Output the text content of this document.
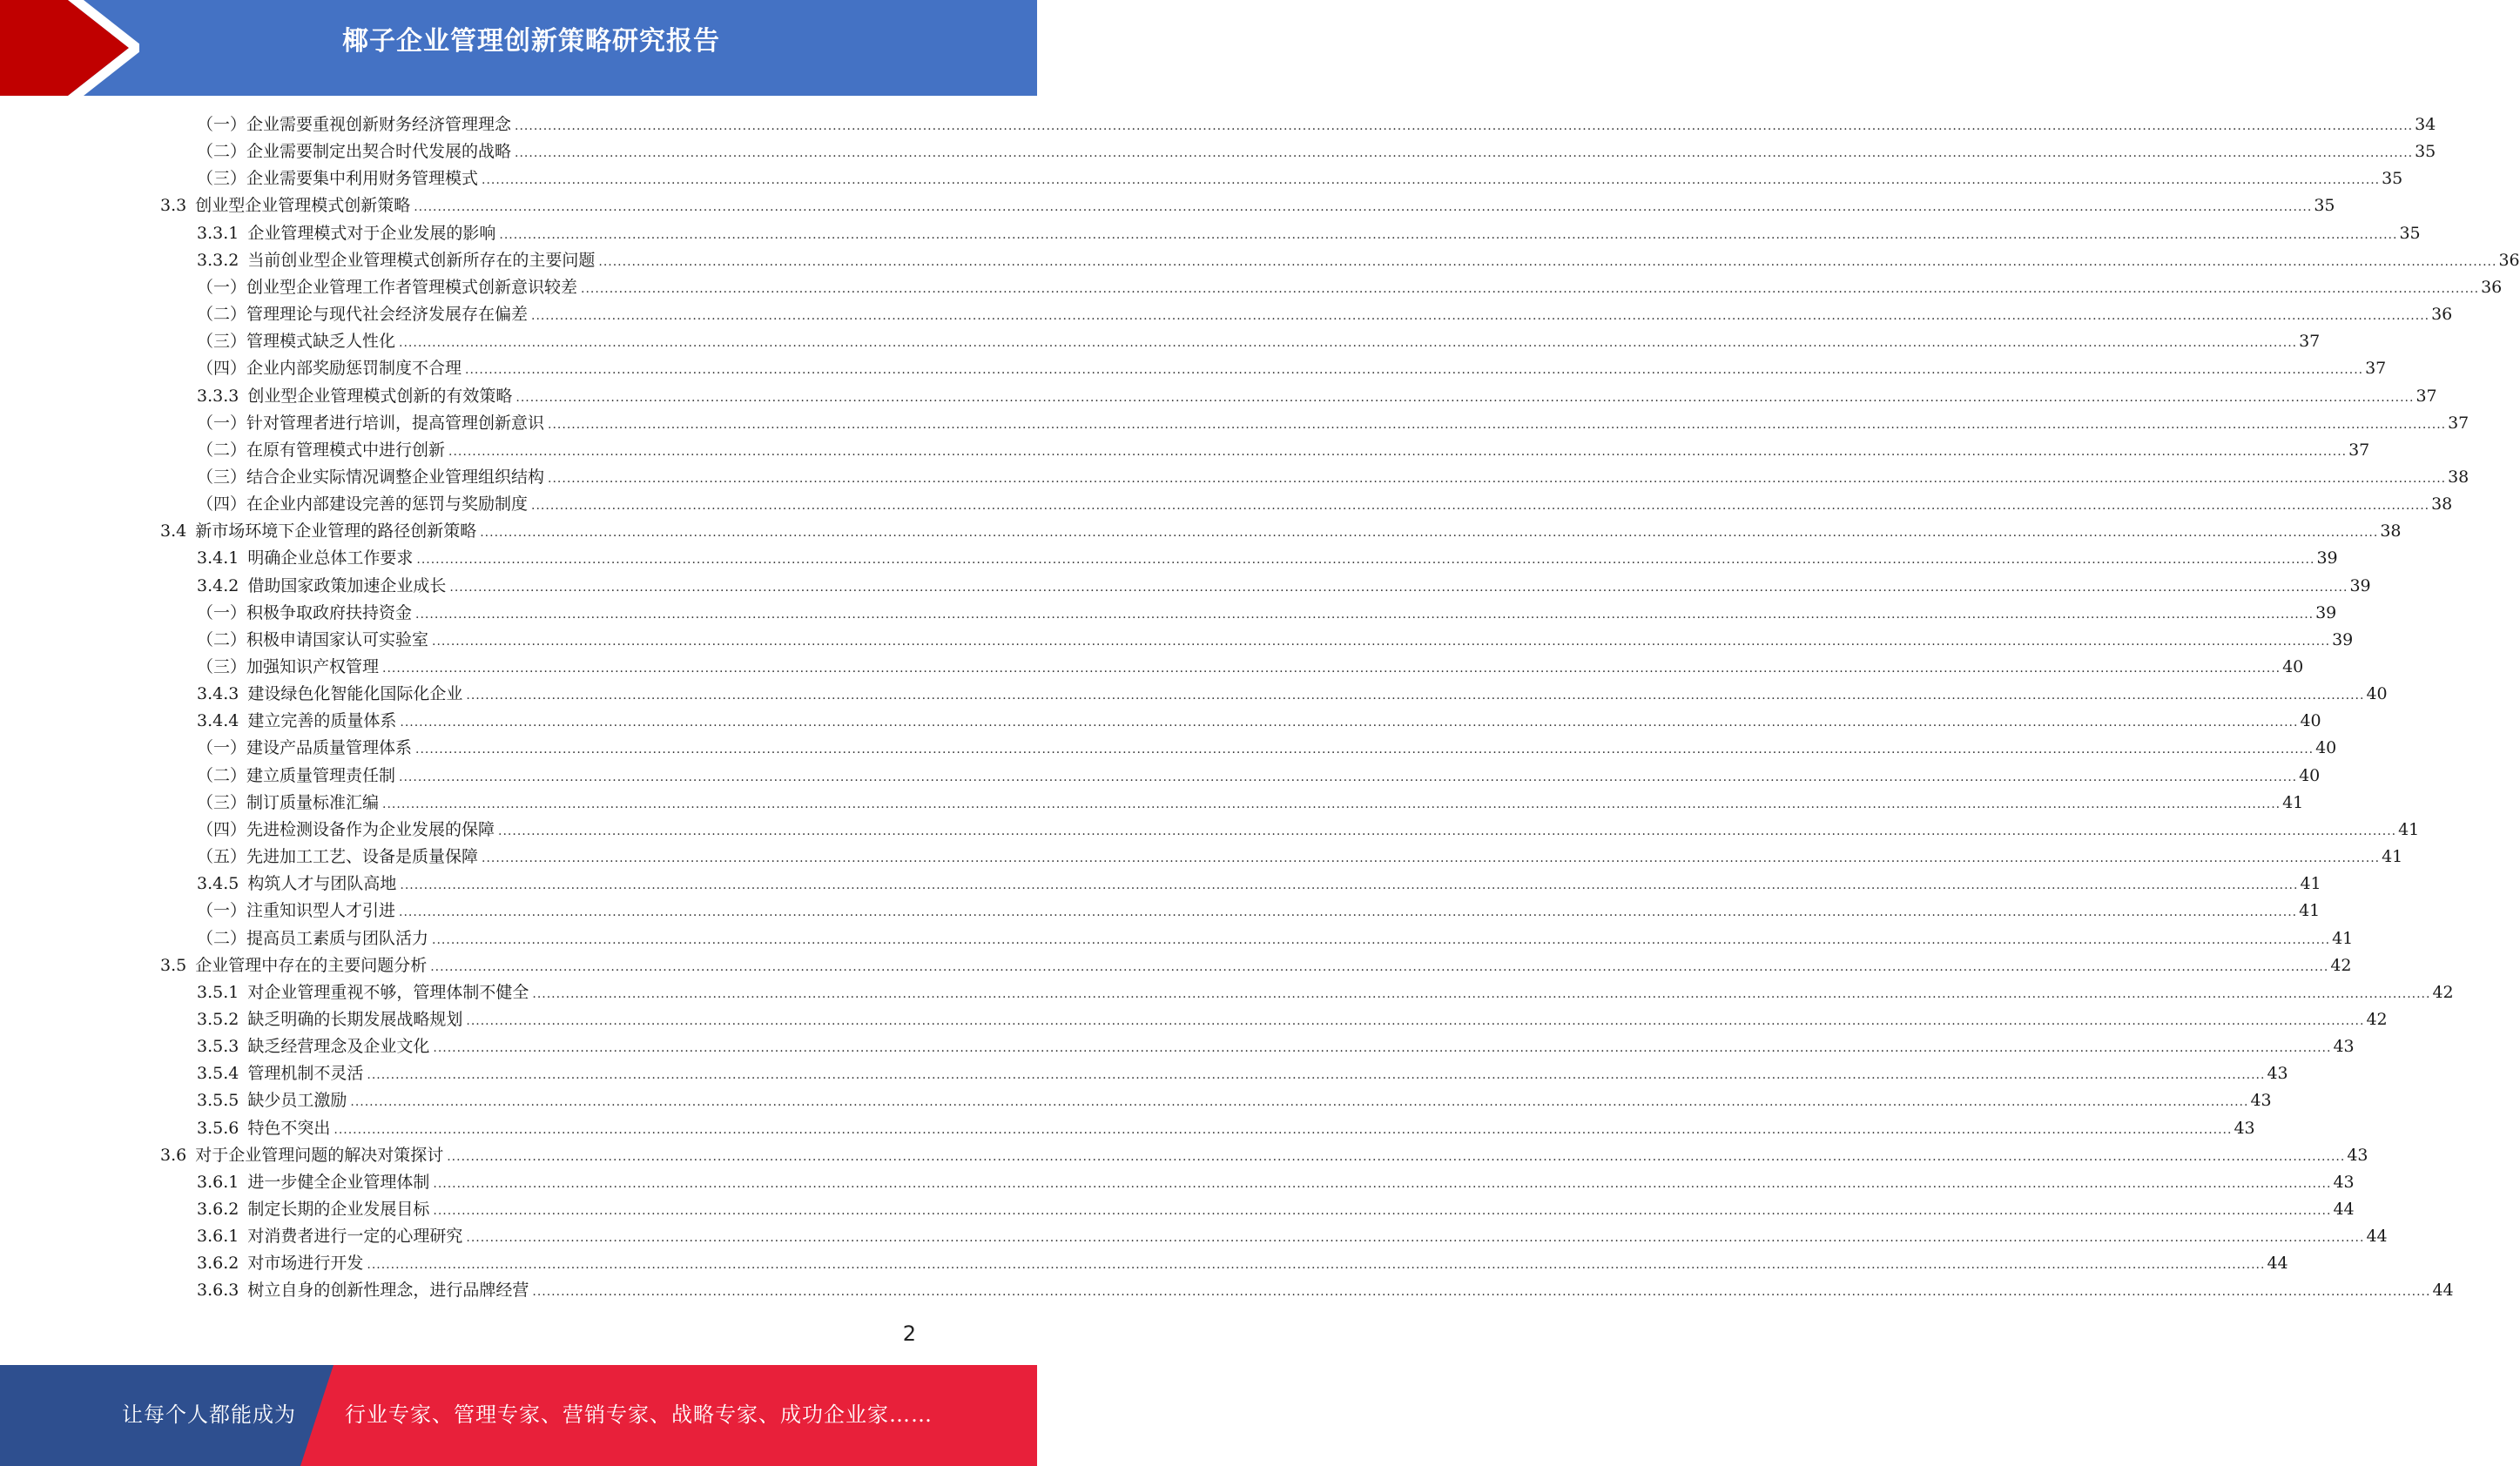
椰子企业管理创新策略研究报告
（一）企业需要重视创新财务经济管理理念 ................................................................................................................................................................................................................................................................................................................................................................................................................ 34
（二）企业需要制定出契合时代发展的战略 ................................................................................................................................................................................................................................................................................................................................................................................................................ 35
（三）企业需要集中利用财务管理模式 ................................................................................................................................................................................................................................................................................................................................................................................................................ 35
3.3 创业型企业管理模式创新策略 ................................................................................................................................................................................................................................................................................................................................................................................................................ 35
3.3.1 企业管理模式对于企业发展的影响 ................................................................................................................................................................................................................................................................................................................................................................................................................ 35
3.3.2 当前创业型企业管理模式创新所存在的主要问题 ................................................................................................................................................................................................................................................................................................................................................................................................................ 36
（一）创业型企业管理工作者管理模式创新意识较差 ................................................................................................................................................................................................................................................................................................................................................................................................................ 36
（二）管理理论与现代社会经济发展存在偏差 ................................................................................................................................................................................................................................................................................................................................................................................................................ 36
（三）管理模式缺乏人性化 ................................................................................................................................................................................................................................................................................................................................................................................................................ 37
（四）企业内部奖励惩罚制度不合理 ................................................................................................................................................................................................................................................................................................................................................................................................................ 37
3.3.3 创业型企业管理模式创新的有效策略 ................................................................................................................................................................................................................................................................................................................................................................................................................ 37
（一）针对管理者进行培训，提高管理创新意识 ................................................................................................................................................................................................................................................................................................................................................................................................................ 37
（二）在原有管理模式中进行创新 ................................................................................................................................................................................................................................................................................................................................................................................................................ 37
（三）结合企业实际情况调整企业管理组织结构 ................................................................................................................................................................................................................................................................................................................................................................................................................ 38
（四）在企业内部建设完善的惩罚与奖励制度 ................................................................................................................................................................................................................................................................................................................................................................................................................ 38
3.4 新市场环境下企业管理的路径创新策略 ................................................................................................................................................................................................................................................................................................................................................................................................................ 38
3.4.1 明确企业总体工作要求 ................................................................................................................................................................................................................................................................................................................................................................................................................ 39
3.4.2 借助国家政策加速企业成长 ................................................................................................................................................................................................................................................................................................................................................................................................................ 39
（一）积极争取政府扶持资金 ................................................................................................................................................................................................................................................................................................................................................................................................................ 39
（二）积极申请国家认可实验室 ................................................................................................................................................................................................................................................................................................................................................................................................................ 39
（三）加强知识产权管理 ................................................................................................................................................................................................................................................................................................................................................................................................................ 40
3.4.3 建设绿色化智能化国际化企业 ................................................................................................................................................................................................................................................................................................................................................................................................................ 40
3.4.4 建立完善的质量体系 ................................................................................................................................................................................................................................................................................................................................................................................................................ 40
（一）建设产品质量管理体系 ................................................................................................................................................................................................................................................................................................................................................................................................................ 40
（二）建立质量管理责任制 ................................................................................................................................................................................................................................................................................................................................................................................................................ 40
（三）制订质量标准汇编 ................................................................................................................................................................................................................................................................................................................................................................................................................ 41
（四）先进检测设备作为企业发展的保障 ................................................................................................................................................................................................................................................................................................................................................................................................................ 41
（五）先进加工工艺、设备是质量保障 ................................................................................................................................................................................................................................................................................................................................................................................................................ 41
3.4.5 构筑人才与团队高地 ................................................................................................................................................................................................................................................................................................................................................................................................................ 41
（一）注重知识型人才引进 ................................................................................................................................................................................................................................................................................................................................................................................................................ 41
（二）提高员工素质与团队活力 ................................................................................................................................................................................................................................................................................................................................................................................................................ 41
3.5 企业管理中存在的主要问题分析 ................................................................................................................................................................................................................................................................................................................................................................................................................ 42
3.5.1 对企业管理重视不够，管理体制不健全 ................................................................................................................................................................................................................................................................................................................................................................................................................ 42
3.5.2 缺乏明确的长期发展战略规划 ................................................................................................................................................................................................................................................................................................................................................................................................................ 42
3.5.3 缺乏经营理念及企业文化 ................................................................................................................................................................................................................................................................................................................................................................................................................ 43
3.5.4 管理机制不灵活 ................................................................................................................................................................................................................................................................................................................................................................................................................ 43
3.5.5 缺少员工激励 ................................................................................................................................................................................................................................................................................................................................................................................................................ 43
3.5.6 特色不突出 ................................................................................................................................................................................................................................................................................................................................................................................................................ 43
3.6 对于企业管理问题的解决对策探讨 ................................................................................................................................................................................................................................................................................................................................................................................................................ 43
3.6.1 进一步健全企业管理体制 ................................................................................................................................................................................................................................................................................................................................................................................................................ 43
3.6.2 制定长期的企业发展目标 ................................................................................................................................................................................................................................................................................................................................................................................................................ 44
3.6.1 对消费者进行一定的心理研究 ................................................................................................................................................................................................................................................................................................................................................................................................................ 44
3.6.2 对市场进行开发 ................................................................................................................................................................................................................................................................................................................................................................................................................ 44
3.6.3 树立自身的创新性理念，进行品牌经营 ................................................................................................................................................................................................................................................................................................................................................................................................................ 44
2
让每个人都能成为 行业专家、管理专家、营销专家、战略专家、成功企业家……
